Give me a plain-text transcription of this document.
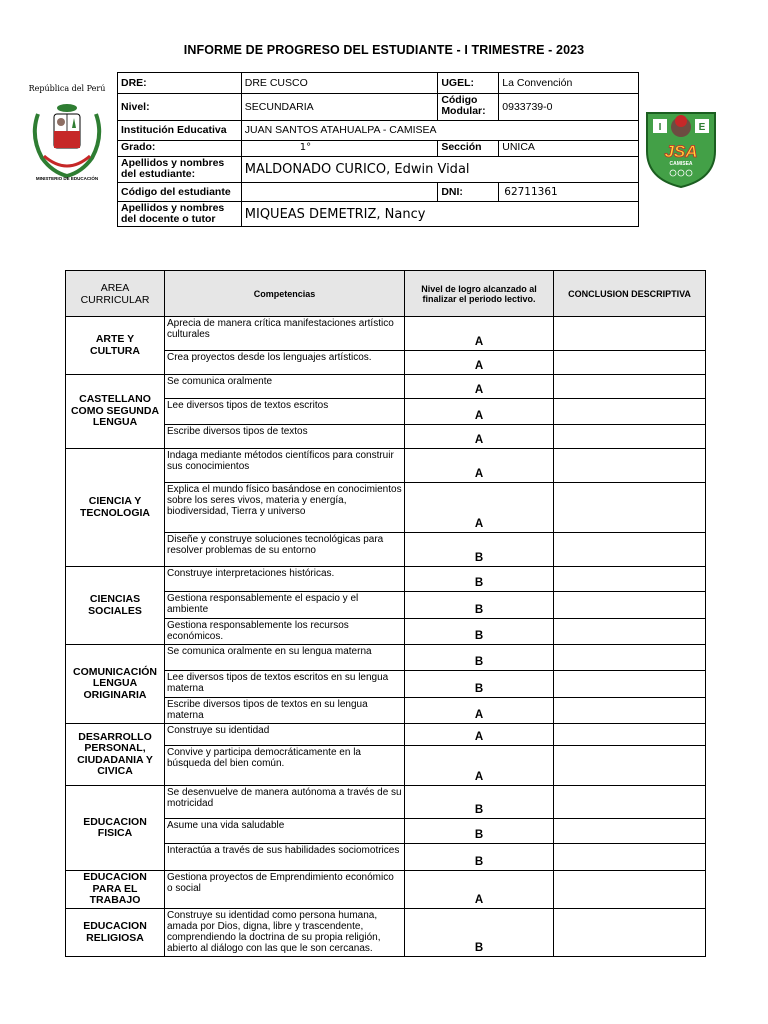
INFORME DE PROGRESO DEL ESTUDIANTE - I TRIMESTRE - 2023
República del Perú
MINISTERIO DE EDUCACIÓN
I	E
JSA
CAMISEA
DRE:	DRE CUSCO	UGEL:	La Convención
Nivel:	SECUNDARIA	Código Modular:	0933739-0
Institución Educativa	JUAN SANTOS ATAHUALPA - CAMISEA		
Grado:	1°	Sección	UNICA
Apellidos y nombres del estudiante:	MALDONADO CURICO, Edwin Vidal		
Código del estudiante		DNI:	62711361
Apellidos y nombres del docente o tutor	MIQUEAS DEMETRIZ, Nancy		
AREA CURRICULAR	Competencias	Nivel de logro alcanzado al finalizar el periodo lectivo.	CONCLUSION DESCRIPTIVA
ARTE Y CULTURA	Aprecia de manera crítica manifestaciones artístico culturales	A	
	Crea proyectos desde los lenguajes artísticos.	A	
CASTELLANO COMO SEGUNDA LENGUA	Se comunica oralmente	A	
	Lee diversos tipos de textos escritos	A	
	Escribe diversos tipos de textos	A	
CIENCIA Y TECNOLOGIA	Indaga mediante métodos científicos para construir sus conocimientos	A	
	Explica el mundo físico basándose en conocimientos sobre los seres vivos, materia y energía, biodiversidad, Tierra y universo	A	
	Diseñe y construye soluciones tecnológicas para resolver problemas de su entorno	B	
CIENCIAS SOCIALES	Construye interpretaciones históricas.	B	
	Gestiona responsablemente el espacio y el ambiente	B	
	Gestiona responsablemente los recursos económicos.	B	
COMUNICACIÓN LENGUA ORIGINARIA	Se comunica oralmente en su lengua materna	B	
	Lee diversos tipos de textos escritos en su lengua materna	B	
	Escribe diversos tipos de textos en su lengua materna	A	
DESARROLLO PERSONAL, CIUDADANIA Y CIVICA	Construye su identidad	A	
	Convive y participa democráticamente en la búsqueda del bien común.	A	
EDUCACION FISICA	Se desenvuelve de manera autónoma a través de su motricidad	B	
	Asume una vida saludable	B	
	Interactúa a través de sus habilidades sociomotrices	B	
EDUCACION PARA EL TRABAJO	Gestiona proyectos de Emprendimiento económico o social	A	
EDUCACION RELIGIOSA	Construye su identidad como persona humana, amada por Dios, digna, libre y trascendente, comprendiendo la doctrina de su propia religión, abierto al diálogo con las que le son cercanas.	B	
